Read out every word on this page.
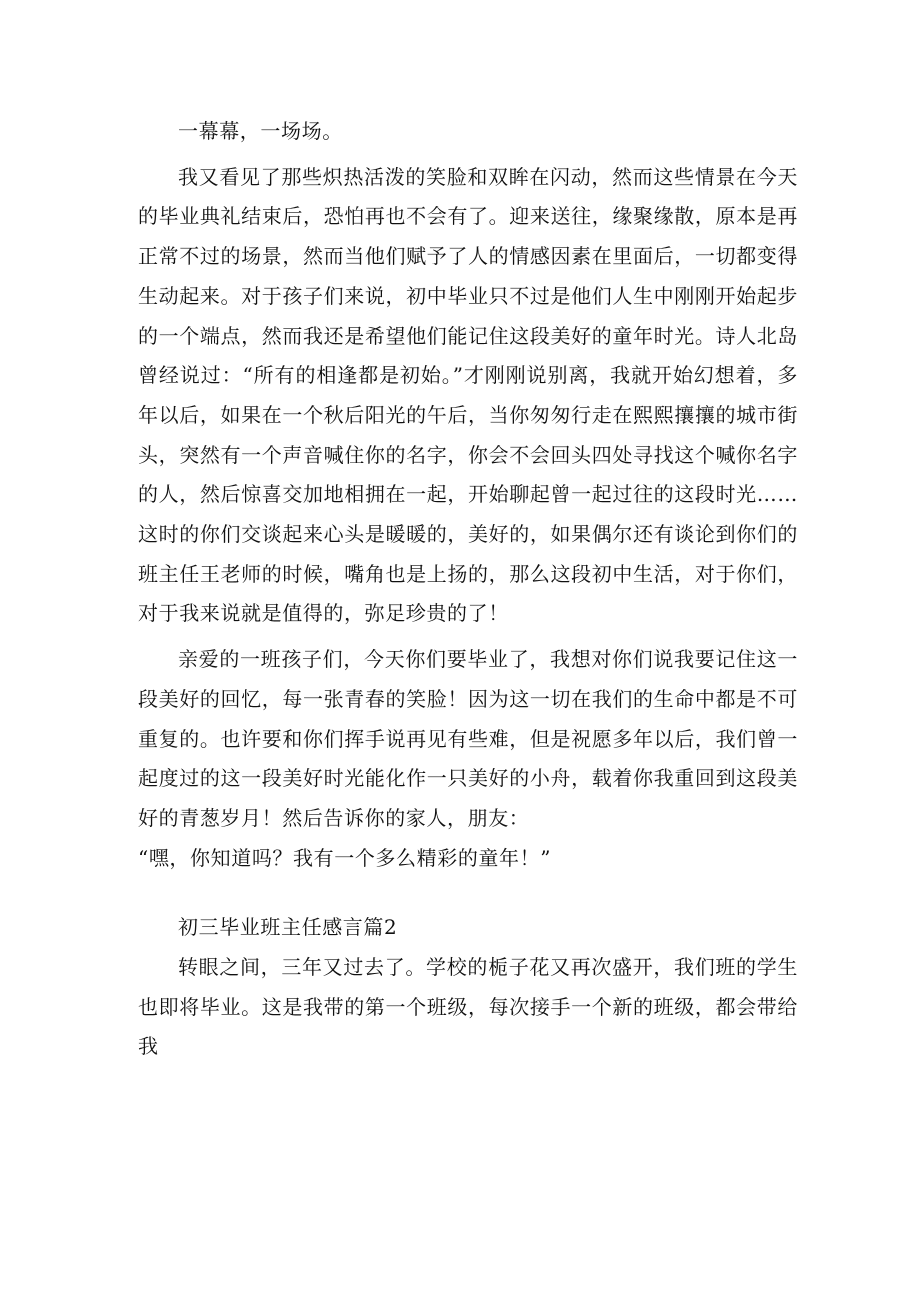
一幕幕，一场场。

我又看见了那些炽热活泼的笑脸和双眸在闪动，然而这些情景在今天的毕业典礼结束后，恐怕再也不会有了。迎来送往，缘聚缘散，原本是再正常不过的场景，然而当他们赋予了人的情感因素在里面后，一切都变得生动起来。对于孩子们来说，初中毕业只不过是他们人生中刚刚开始起步的一个端点，然而我还是希望他们能记住这段美好的童年时光。诗人北岛曾经说过：“所有的相逢都是初始。”才刚刚说别离，我就开始幻想着，多年以后，如果在一个秋后阳光的午后，当你匆匆行走在熙熙攘攘的城市街头，突然有一个声音喊住你的名字，你会不会回头四处寻找这个喊你名字的人，然后惊喜交加地相拥在一起，开始聊起曾一起过往的这段时光……这时的你们交谈起来心头是暖暖的，美好的，如果偶尔还有谈论到你们的班主任王老师的时候，嘴角也是上扬的，那么这段初中生活，对于你们，对于我来说就是值得的，弥足珍贵的了！

亲爱的一班孩子们，今天你们要毕业了，我想对你们说我要记住这一段美好的回忆，每一张青春的笑脸！因为这一切在我们的生命中都是不可重复的。也许要和你们挥手说再见有些难，但是祝愿多年以后，我们曾一起度过的这一段美好时光能化作一只美好的小舟，载着你我重回到这段美好的青葱岁月！然后告诉你的家人，朋友：

“嘿，你知道吗？我有一个多么精彩的童年！”

初三毕业班主任感言篇2

转眼之间，三年又过去了。学校的栀子花又再次盛开，我们班的学生也即将毕业。这是我带的第一个班级，每次接手一个新的班级，都会带给我
